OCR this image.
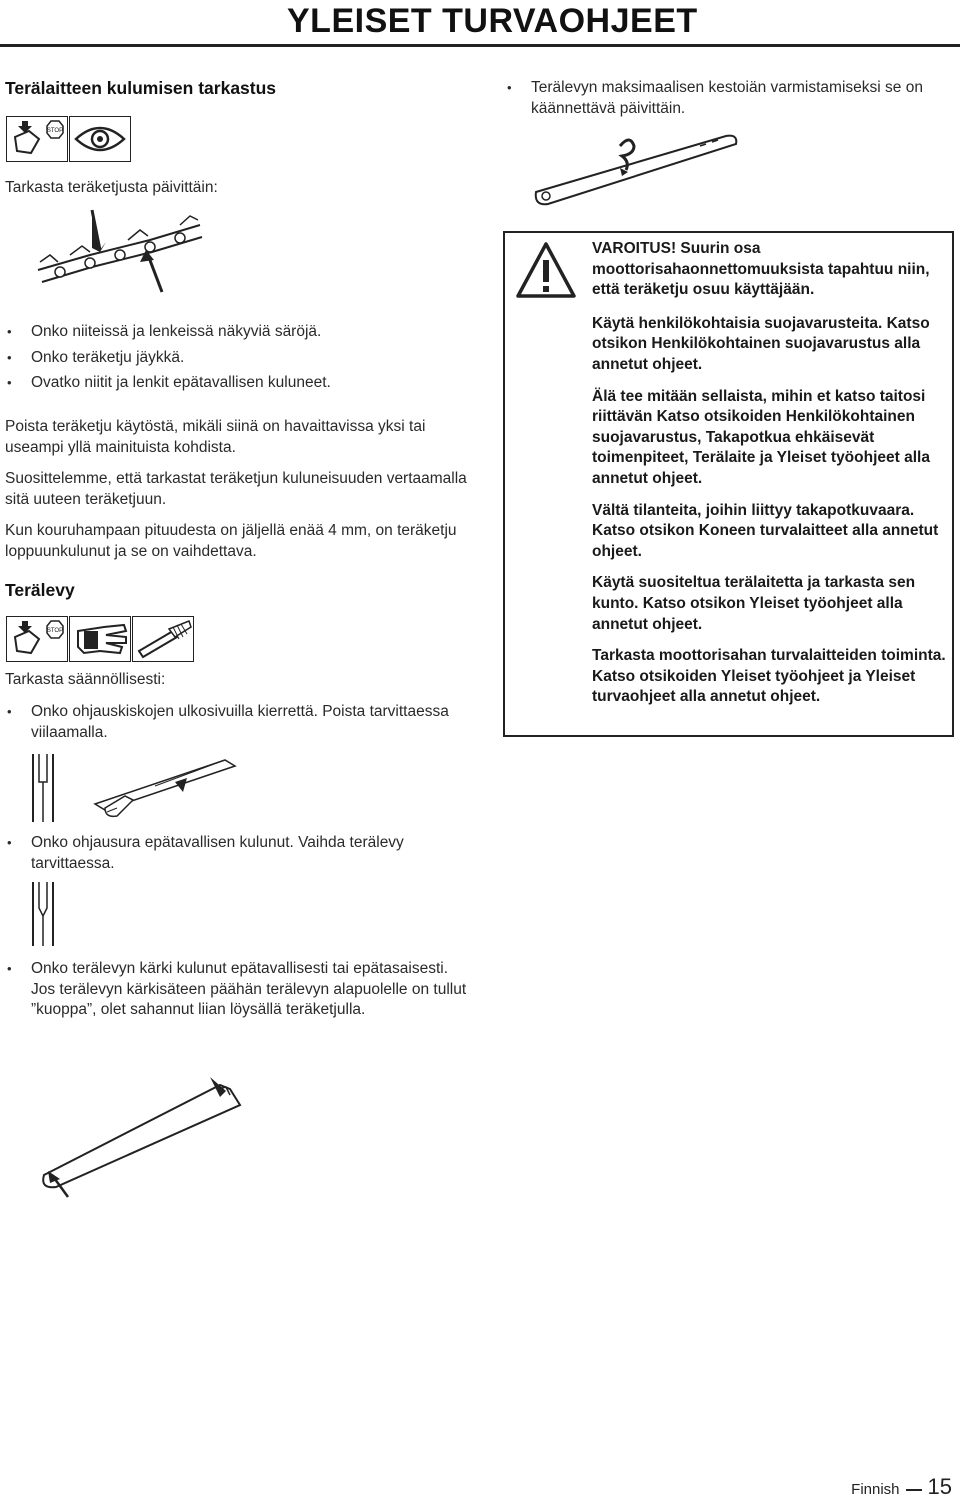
YLEISET TURVAOHJEET
Terälaitteen kulumisen tarkastus
STOP
Tarkasta teräketjusta päivittäin:
• Onko niiteissä ja lenkeissä näkyviä säröjä.
• Onko teräketju jäykkä.
• Ovatko niitit ja lenkit epätavallisen kuluneet.
Poista teräketju käytöstä, mikäli siinä on havaittavissa yksi tai useampi yllä mainituista kohdista.
Suosittelemme, että tarkastat teräketjun kuluneisuuden vertaamalla sitä uuteen teräketjuun.
Kun kouruhampaan pituudesta on jäljellä enää 4 mm, on teräketju loppuunkulunut ja se on vaihdettava.
Terälevy
STOP
Tarkasta säännöllisesti:
• Onko ohjauskiskojen ulkosivuilla kierrettä. Poista tarvittaessa viilaamalla.
• Onko ohjausura epätavallisen kulunut. Vaihda terälevy tarvittaessa.
• Onko terälevyn kärki kulunut epätavallisesti tai epätasaisesti. Jos terälevyn kärkisäteen päähän terälevyn alapuolelle on tullut ”kuoppa”, olet sahannut liian löysällä teräketjulla.
• Terälevyn maksimaalisen kestoiän varmistamiseksi se on käännettävä päivittäin.

VAROITUS! Suurin osa moottorisahaonnettomuuksista tapahtuu niin, että teräketju osuu käyttäjään.

Käytä henkilökohtaisia suojavarusteita. Katso otsikon Henkilökohtainen suojavarustus alla annetut ohjeet.

Älä tee mitään sellaista, mihin et katso taitosi riittävän Katso otsikoiden Henkilökohtainen suojavarustus, Takapotkua ehkäisevät toimenpiteet, Terälaite ja Yleiset työohjeet alla annetut ohjeet.

Vältä tilanteita, joihin liittyy takapotkuvaara. Katso otsikon Koneen turvalaitteet alla annetut ohjeet.

Käytä suositeltua terälaitetta ja tarkasta sen kunto. Katso otsikon Yleiset työohjeet alla annetut ohjeet.

Tarkasta moottorisahan turvalaitteiden toiminta. Katso otsikoiden Yleiset työohjeet ja Yleiset turvaohjeet alla annetut ohjeet.

Finnish 15
